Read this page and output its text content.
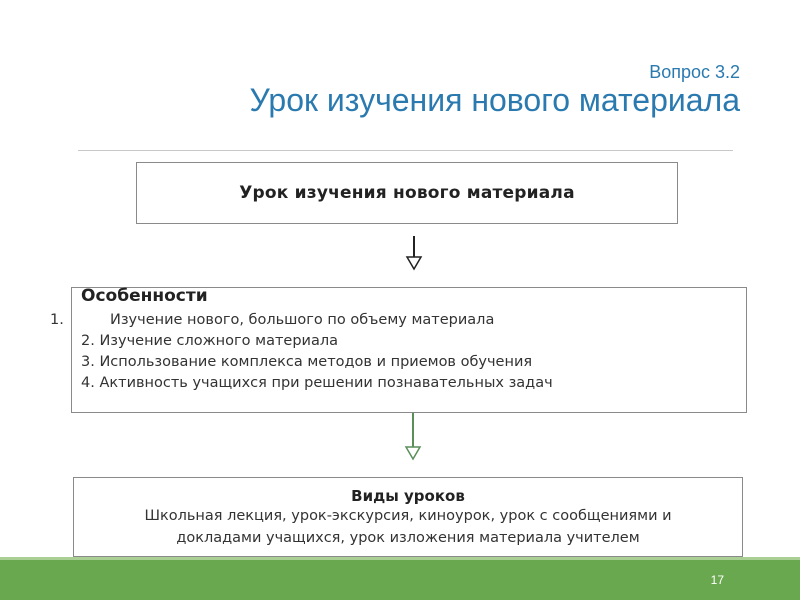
Вопрос 3.2
Урок изучения нового материала
Урок изучения нового материала
Особенности
1.	Изучение нового, большого по объему материала
2. Изучение сложного материала
3. Использование комплекса методов и приемов обучения
4. Активность учащихся при решении познавательных задач
Виды уроков
Школьная лекция, урок-экскурсия, киноурок, урок с сообщениями и
докладами учащихся, урок изложения материала учителем
17
